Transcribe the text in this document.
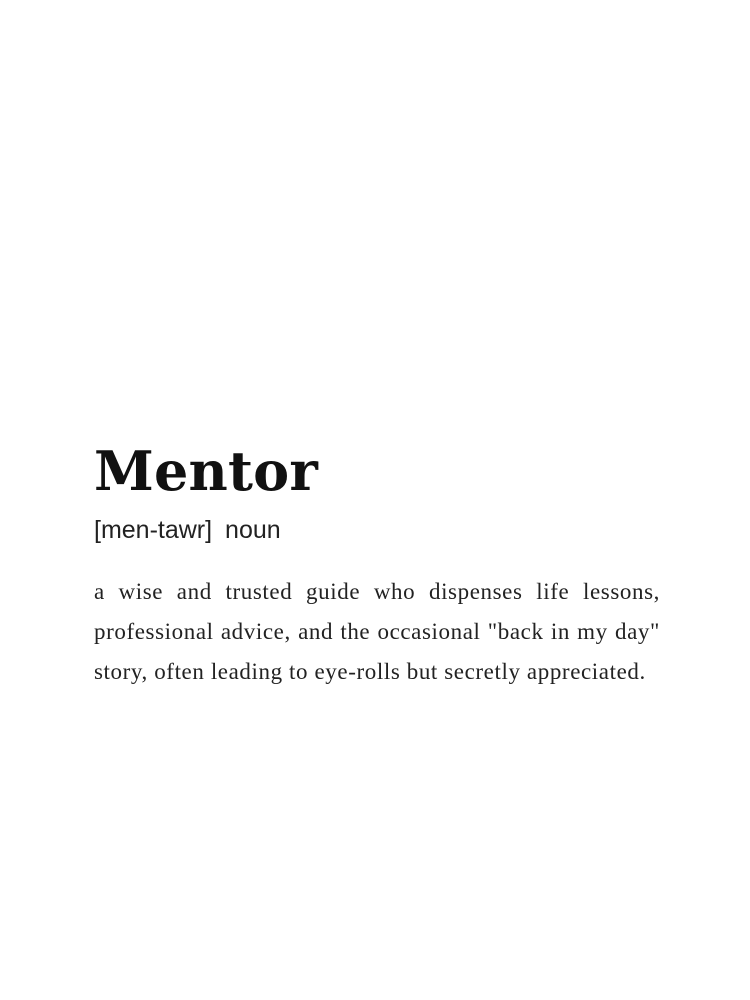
Mentor
[men-tawr] noun

a wise and trusted guide who dispenses life lessons, professional advice, and the occasional "back in my day" story, often leading to eye-rolls but secretly appreciated.
